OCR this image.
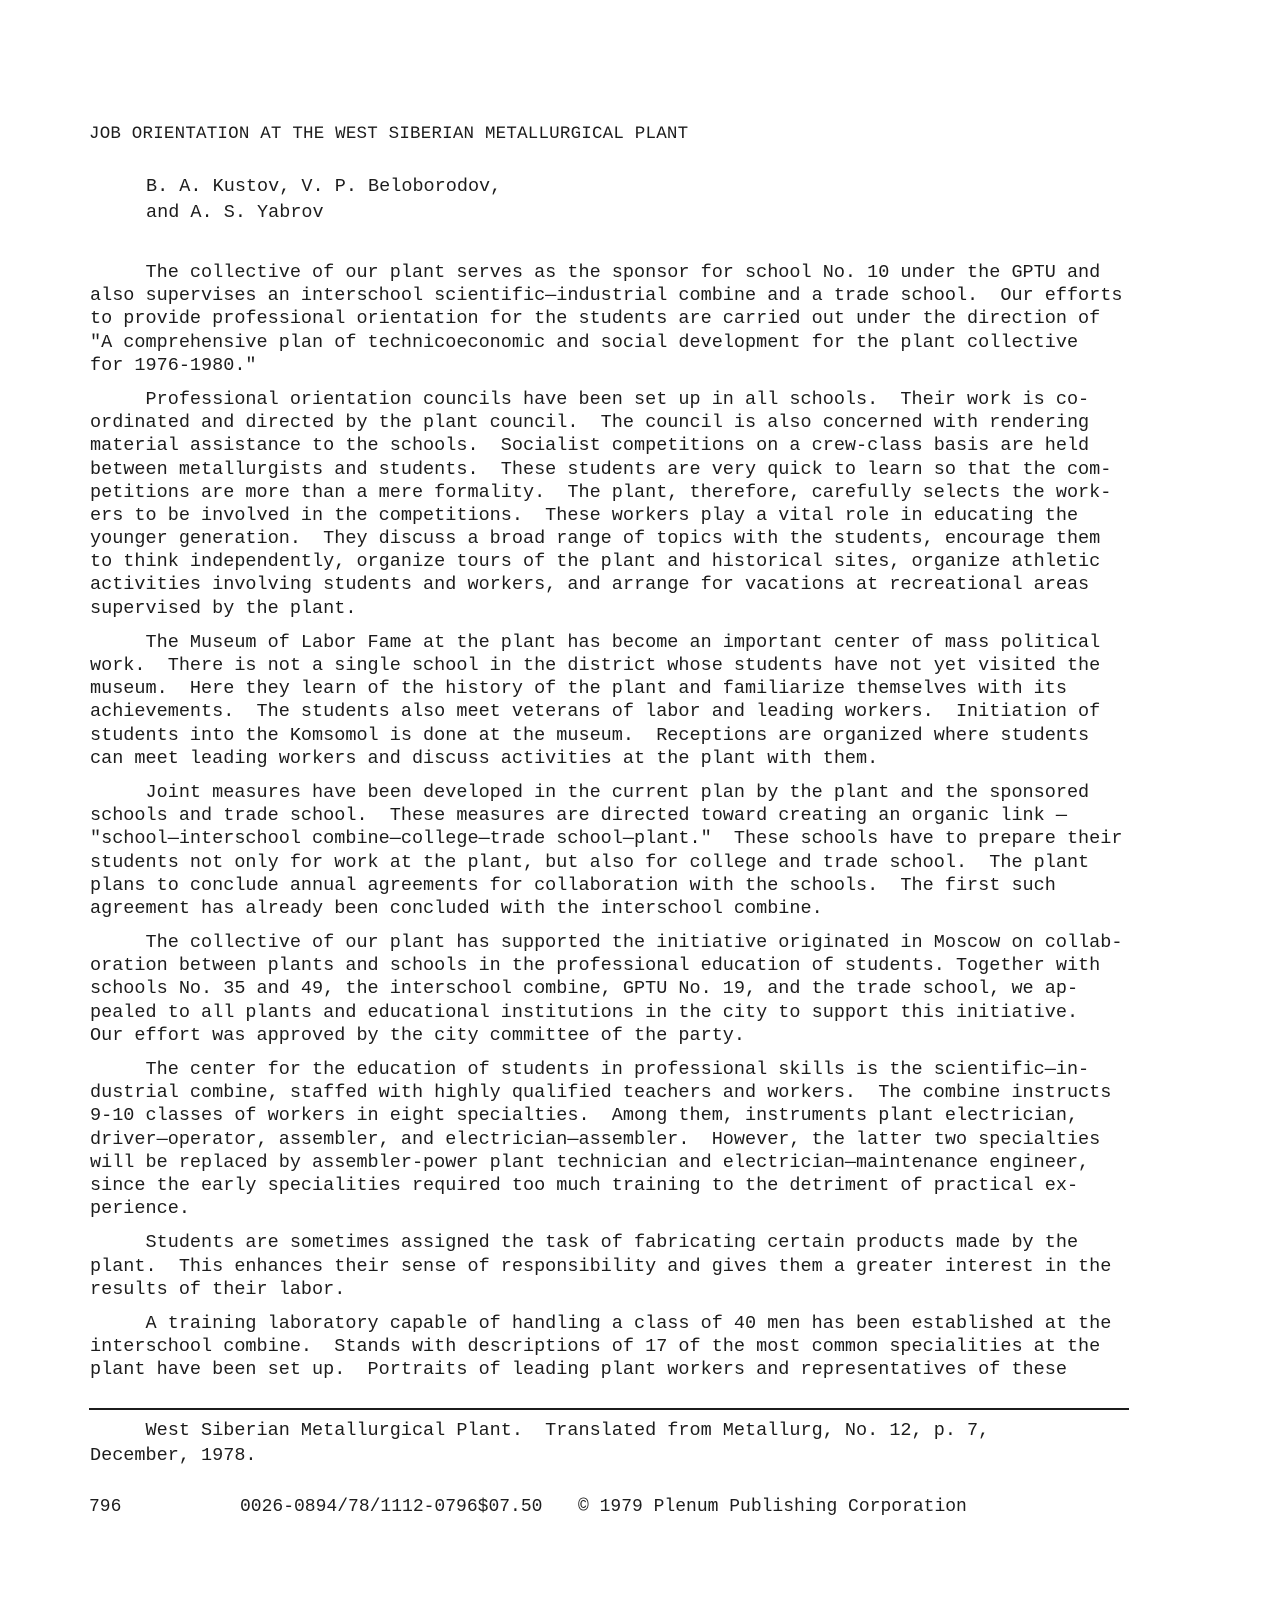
JOB ORIENTATION AT THE WEST SIBERIAN METALLURGICAL PLANT
B. A. Kustov, V. P. Beloborodov,
and A. S. Yabrov
The collective of our plant serves as the sponsor for school No. 10 under the GPTU and
also supervises an interschool scientific—industrial combine and a trade school.  Our efforts
to provide professional orientation for the students are carried out under the direction of
"A comprehensive plan of technicoeconomic and social development for the plant collective
for 1976-1980."
Professional orientation councils have been set up in all schools.  Their work is co-
ordinated and directed by the plant council.  The council is also concerned with rendering
material assistance to the schools.  Socialist competitions on a crew-class basis are held
between metallurgists and students.  These students are very quick to learn so that the com-
petitions are more than a mere formality.  The plant, therefore, carefully selects the work-
ers to be involved in the competitions.  These workers play a vital role in educating the
younger generation.  They discuss a broad range of topics with the students, encourage them
to think independently, organize tours of the plant and historical sites, organize athletic
activities involving students and workers, and arrange for vacations at recreational areas
supervised by the plant.
The Museum of Labor Fame at the plant has become an important center of mass political
work.  There is not a single school in the district whose students have not yet visited the
museum.  Here they learn of the history of the plant and familiarize themselves with its
achievements.  The students also meet veterans of labor and leading workers.  Initiation of
students into the Komsomol is done at the museum.  Receptions are organized where students
can meet leading workers and discuss activities at the plant with them.
Joint measures have been developed in the current plan by the plant and the sponsored
schools and trade school.  These measures are directed toward creating an organic link —
"school—interschool combine—college—trade school—plant."  These schools have to prepare their
students not only for work at the plant, but also for college and trade school.  The plant
plans to conclude annual agreements for collaboration with the schools.  The first such
agreement has already been concluded with the interschool combine.
The collective of our plant has supported the initiative originated in Moscow on collab-
oration between plants and schools in the professional education of students. Together with
schools No. 35 and 49, the interschool combine, GPTU No. 19, and the trade school, we ap-
pealed to all plants and educational institutions in the city to support this initiative.
Our effort was approved by the city committee of the party.
The center for the education of students in professional skills is the scientific—in-
dustrial combine, staffed with highly qualified teachers and workers.  The combine instructs
9-10 classes of workers in eight specialties.  Among them, instruments plant electrician,
driver—operator, assembler, and electrician—assembler.  However, the latter two specialties
will be replaced by assembler-power plant technician and electrician—maintenance engineer,
since the early specialities required too much training to the detriment of practical ex-
perience.
Students are sometimes assigned the task of fabricating certain products made by the
plant.  This enhances their sense of responsibility and gives them a greater interest in the
results of their labor.
A training laboratory capable of handling a class of 40 men has been established at the
interschool combine.  Stands with descriptions of 17 of the most common specialities at the
plant have been set up.  Portraits of leading plant workers and representatives of these
West Siberian Metallurgical Plant.  Translated from Metallurg, No. 12, p. 7,
December, 1978.
796	0026-0894/78/1112-0796$07.50 © 1979 Plenum Publishing Corporation
